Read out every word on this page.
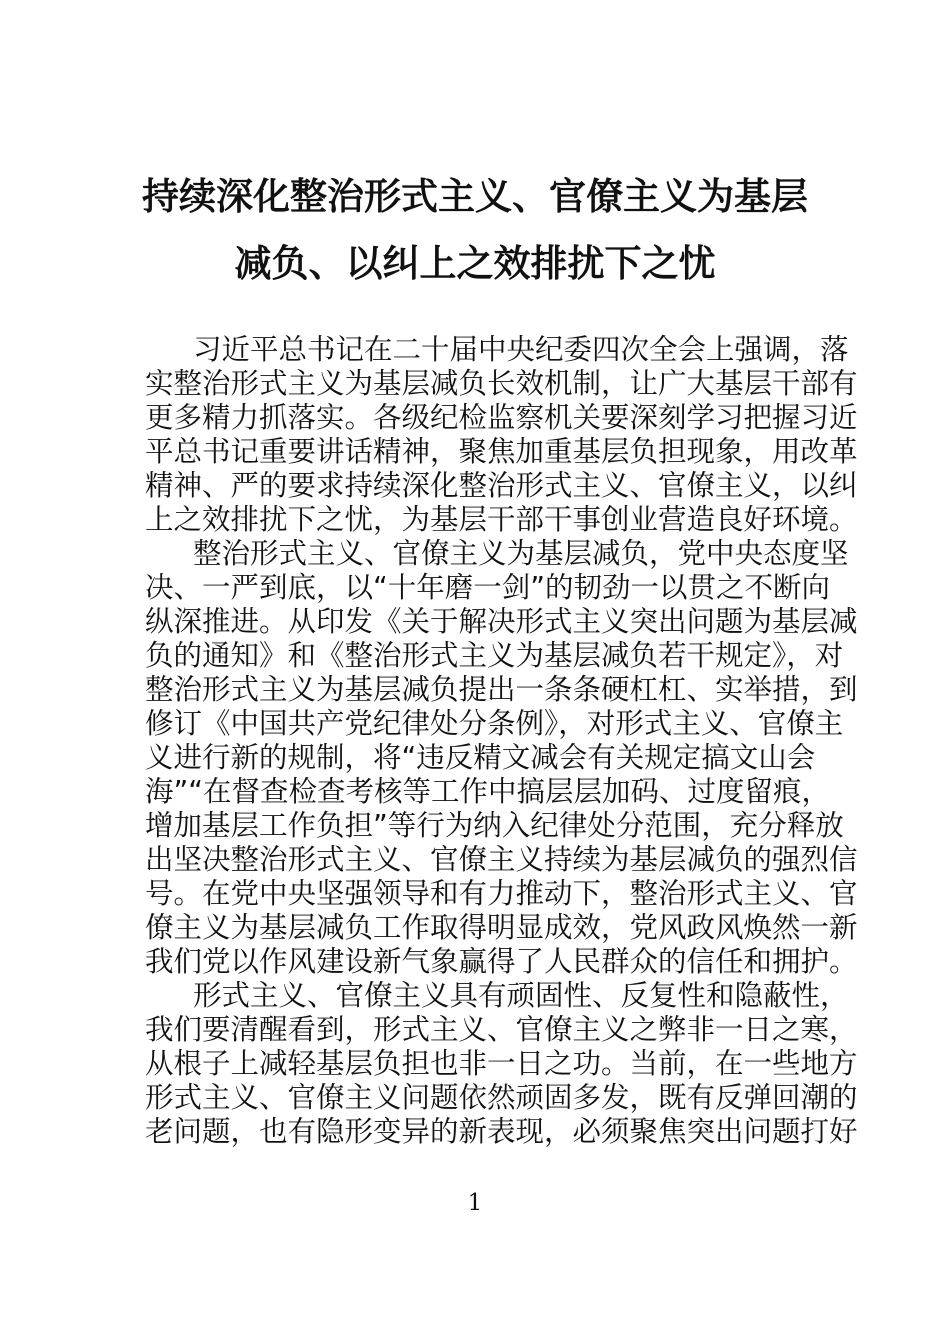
持续深化整治形式主义、官僚主义为基层
减负、以纠上之效排扰下之忧
习近平总书记在二十届中央纪委四次全会上强调，落
实整治形式主义为基层减负长效机制，让广大基层干部有
更多精力抓落实。各级纪检监察机关要深刻学习把握习近
平总书记重要讲话精神，聚焦加重基层负担现象，用改革
精神、严的要求持续深化整治形式主义、官僚主义，以纠
上之效排扰下之忧，为基层干部干事创业营造良好环境。
整治形式主义、官僚主义为基层减负，党中央态度坚
决、一严到底，以“十年磨一剑”的韧劲一以贯之不断向
纵深推进。从印发《关于解决形式主义突出问题为基层减
负的通知》和《整治形式主义为基层减负若干规定》，对
整治形式主义为基层减负提出一条条硬杠杠、实举措，到
修订《中国共产党纪律处分条例》，对形式主义、官僚主
义进行新的规制，将“违反精文减会有关规定搞文山会
海”“在督查检查考核等工作中搞层层加码、过度留痕，
增加基层工作负担”等行为纳入纪律处分范围，充分释放
出坚决整治形式主义、官僚主义持续为基层减负的强烈信
号。在党中央坚强领导和有力推动下，整治形式主义、官
僚主义为基层减负工作取得明显成效，党风政风焕然一新
我们党以作风建设新气象赢得了人民群众的信任和拥护。
形式主义、官僚主义具有顽固性、反复性和隐蔽性，
我们要清醒看到，形式主义、官僚主义之弊非一日之寒，
从根子上减轻基层负担也非一日之功。当前，在一些地方
形式主义、官僚主义问题依然顽固多发，既有反弹回潮的
老问题，也有隐形变异的新表现，必须聚焦突出问题打好
1
